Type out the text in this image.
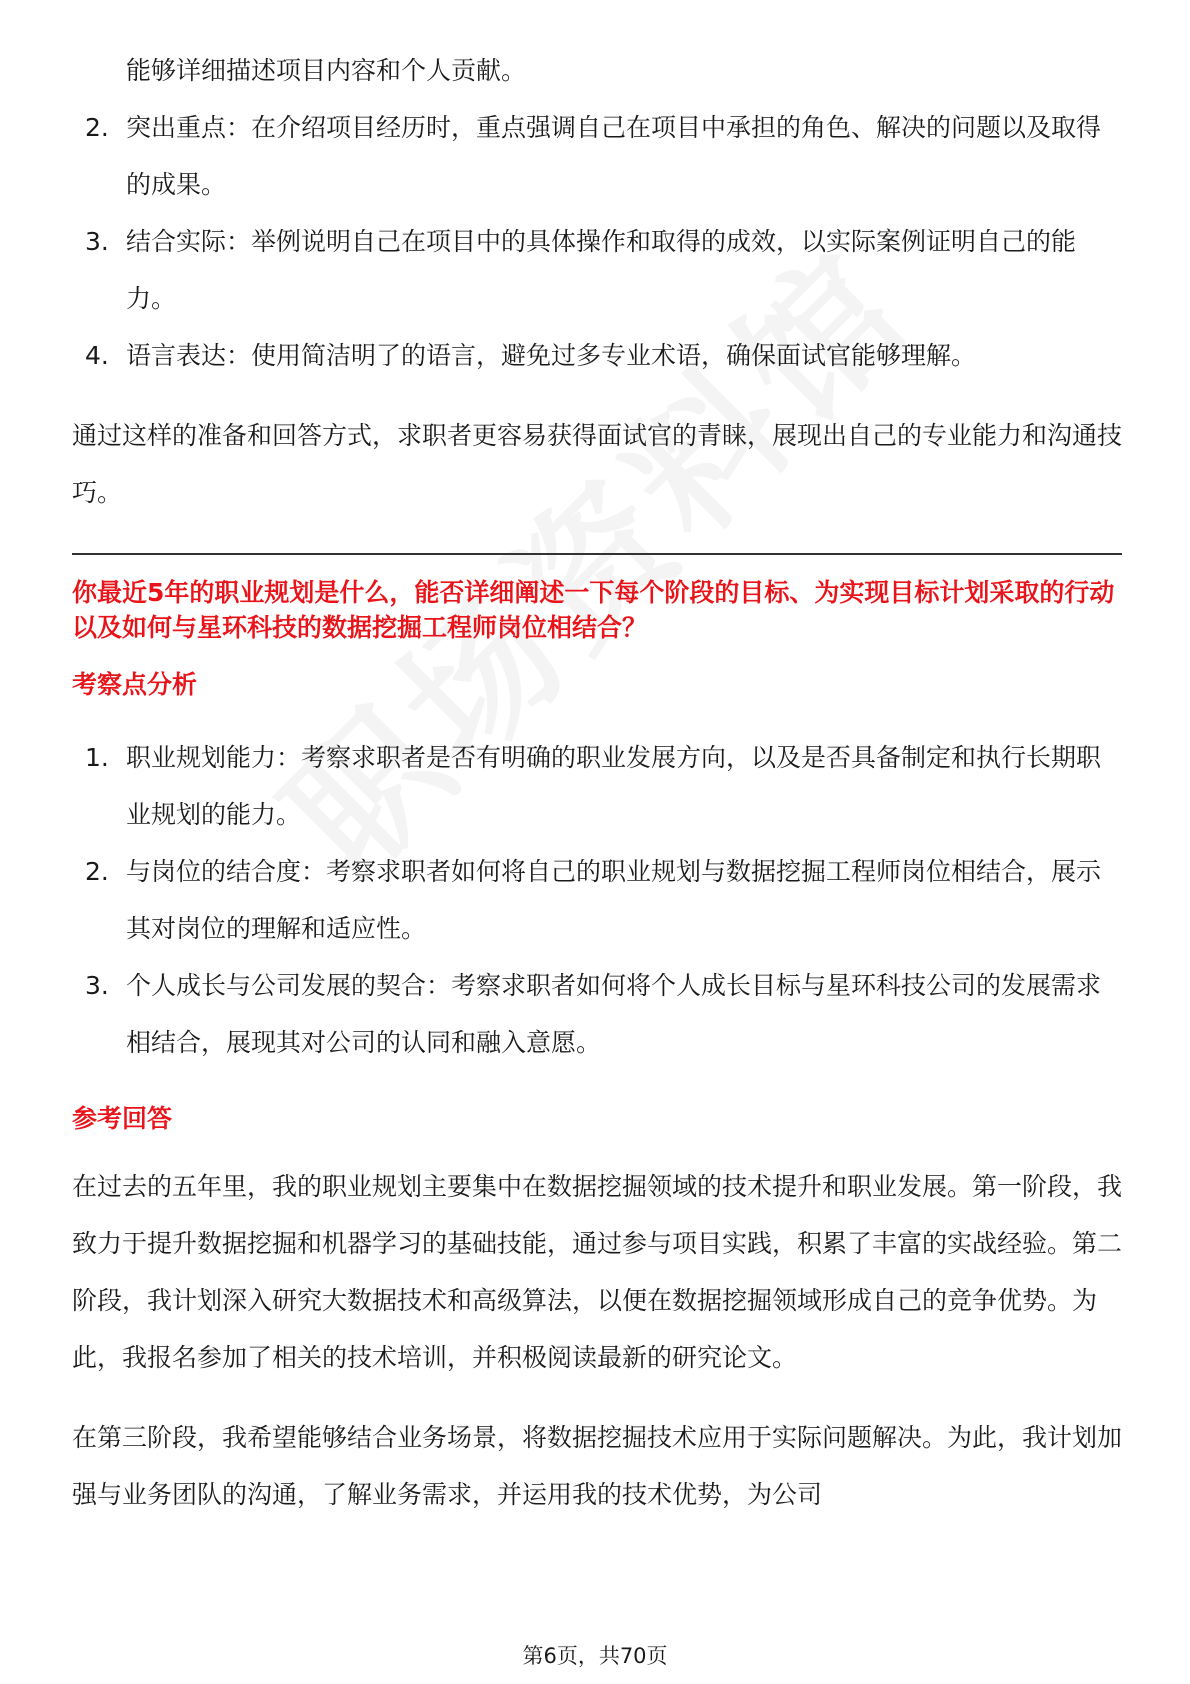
能够详细描述项目内容和个人贡献。

2. 突出重点：在介绍项目经历时，重点强调自己在项目中承担的角色、解决的问题以及取得的成果。
3. 结合实际：举例说明自己在项目中的具体操作和取得的成效，以实际案例证明自己的能力。
4. 语言表达：使用简洁明了的语言，避免过多专业术语，确保面试官能够理解。

通过这样的准备和回答方式，求职者更容易获得面试官的青睐，展现出自己的专业能力和沟通技巧。

你最近5年的职业规划是什么，能否详细阐述一下每个阶段的目标、为实现目标计划采取的行动以及如何与星环科技的数据挖掘工程师岗位相结合？

考察点分析

1. 职业规划能力：考察求职者是否有明确的职业发展方向，以及是否具备制定和执行长期职业规划的能力。
2. 与岗位的结合度：考察求职者如何将自己的职业规划与数据挖掘工程师岗位相结合，展示其对岗位的理解和适应性。
3. 个人成长与公司发展的契合：考察求职者如何将个人成长目标与星环科技公司的发展需求相结合，展现其对公司的认同和融入意愿。

参考回答

在过去的五年里，我的职业规划主要集中在数据挖掘领域的技术提升和职业发展。第一阶段，我致力于提升数据挖掘和机器学习的基础技能，通过参与项目实践，积累了丰富的实战经验。第二阶段，我计划深入研究大数据技术和高级算法，以便在数据挖掘领域形成自己的竞争优势。为此，我报名参加了相关的技术培训，并积极阅读最新的研究论文。

在第三阶段，我希望能够结合业务场景，将数据挖掘技术应用于实际问题解决。为此，我计划加强与业务团队的沟通，了解业务需求，并运用我的技术优势，为公司

第6页，共70页
